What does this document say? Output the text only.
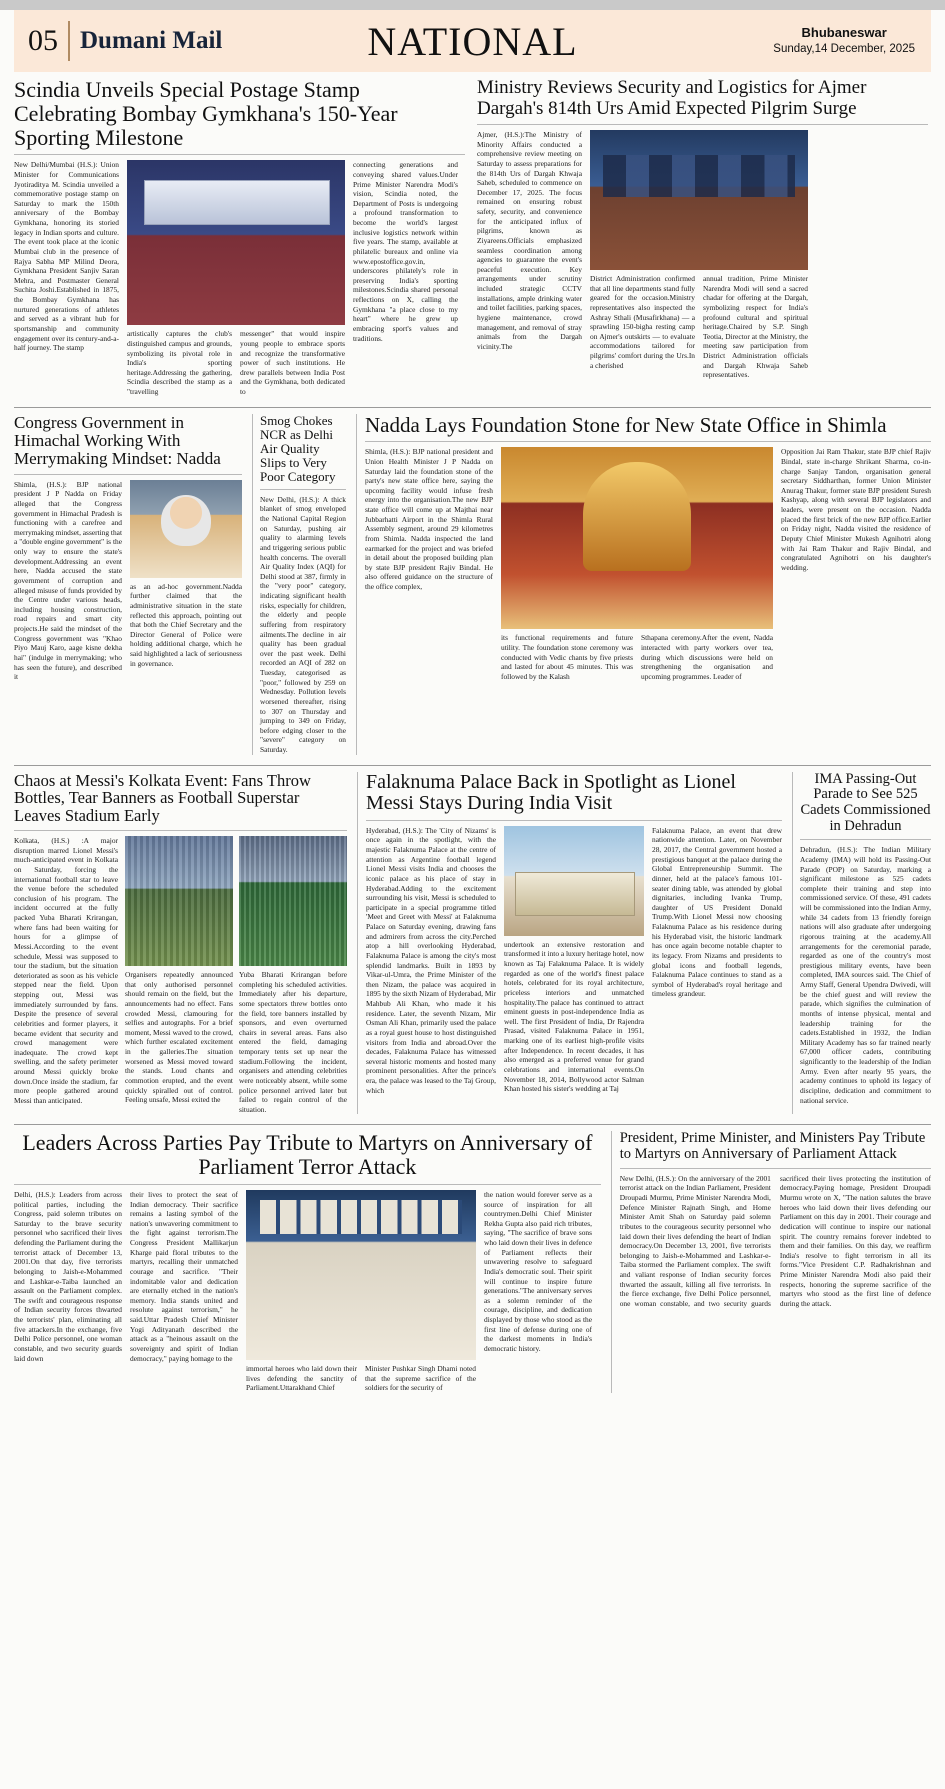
05 Dumani Mail	NATIONAL	Bhubaneswar
Sunday,14 December, 2025
Scindia Unveils Special Postage Stamp Celebrating Bombay Gymkhana's 150-Year Sporting Milestone
New Delhi/Mumbai (H.S.): Union Minister for Communications Jyotiraditya M. Scindia unveiled a commemorative postage stamp on Saturday to mark the 150th anniversary of the Bombay Gymkhana, honoring its storied legacy in Indian sports and culture. The event took place at the iconic Mumbai club in the presence of Rajya Sabha MP Milind Deora, Gymkhana President Sanjiv Saran Mehra, and Postmaster General Suchita Joshi.Established in 1875, the Bombay Gymkhana has nurtured generations of athletes and served as a vibrant hub for sportsmanship and community engagement over its century-and-a-half journey. The stamp
artistically captures the club's distinguished campus and grounds, symbolizing its pivotal role in India's sporting heritage.Addressing the gathering, Scindia described the stamp as a "travelling
messenger" that would inspire young people to embrace sports and recognize the transformative power of such institutions. He drew parallels between India Post and the Gymkhana, both dedicated to
connecting generations and conveying shared values.Under Prime Minister Narendra Modi's vision, Scindia noted, the Department of Posts is undergoing a profound transformation to become the world's largest inclusive logistics network within five years. The stamp, available at philatelic bureaux and online via www.epostoffice.gov.in, underscores philately's role in preserving India's sporting milestones.Scindia shared personal reflections on X, calling the Gymkhana "a place close to my heart" where he grew up embracing sport's values and traditions.
Ministry Reviews Security and Logistics for Ajmer Dargah's 814th Urs Amid Expected Pilgrim Surge
Ajmer, (H.S.):The Ministry of Minority Affairs conducted a comprehensive review meeting on Saturday to assess preparations for the 814th Urs of Dargah Khwaja Saheb, scheduled to commence on December 17, 2025. The focus remained on ensuring robust safety, security, and convenience for the anticipated influx of pilgrims, known as Ziyareens.Officials emphasized seamless coordination among agencies to guarantee the event's peaceful execution. Key arrangements under scrutiny included strategic CCTV installations, ample drinking water and toilet facilities, parking spaces, hygiene maintenance, crowd management, and removal of stray animals from the Dargah vicinity.The
District Administration confirmed that all line departments stand fully geared for the occasion.Ministry representatives also inspected the Ashray Sthali (Musafirkhana) — a sprawling 150-bigha resting camp on Ajmer's outskirts — to evaluate accommodations tailored for pilgrims' comfort during the Urs.In a cherished
annual tradition, Prime Minister Narendra Modi will send a sacred chadar for offering at the Dargah, symbolizing respect for India's profound cultural and spiritual heritage.Chaired by S.P. Singh Teotia, Director at the Ministry, the meeting saw participation from District Administration officials and Dargah Khwaja Saheb representatives.
Congress Government in Himachal Working With Merrymaking Mindset: Nadda
Shimla, (H.S.): BJP national president J P Nadda on Friday alleged that the Congress government in Himachal Pradesh is functioning with a carefree and merrymaking mindset, asserting that a "double engine government" is the only way to ensure the state's development.Addressing an event here, Nadda accused the state government of corruption and alleged misuse of funds provided by the Centre under various heads, including housing construction, road repairs and smart city projects.He said the mindset of the Congress government was "Khao Piyo Mauj Karo, aage kisne dekha hai" (indulge in merrymaking; who has seen the future), and described it
as an ad-hoc government.Nadda further claimed that the administrative situation in the state reflected this approach, pointing out that both the Chief Secretary and the Director General of Police were holding additional charge, which he said highlighted a lack of seriousness in governance.
Smog Chokes NCR as Delhi Air Quality Slips to Very Poor Category
New Delhi, (H.S.): A thick blanket of smog enveloped the National Capital Region on Saturday, pushing air quality to alarming levels and triggering serious public health concerns. The overall Air Quality Index (AQI) for Delhi stood at 387, firmly in the "very poor" category, indicating significant health risks, especially for children, the elderly and people suffering from respiratory ailments.The decline in air quality has been gradual over the past week. Delhi recorded an AQI of 282 on Tuesday, categorised as "poor," followed by 259 on Wednesday. Pollution levels worsened thereafter, rising to 307 on Thursday and jumping to 349 on Friday, before edging closer to the "severe" category on Saturday.
Nadda Lays Foundation Stone for New State Office in Shimla
Shimla, (H.S.): BJP national president and Union Health Minister J P Nadda on Saturday laid the foundation stone of the party's new state office here, saying the upcoming facility would infuse fresh energy into the organisation.The new BJP state office will come up at Majthai near Jubbarhatti Airport in the Shimla Rural Assembly segment, around 29 kilometres from Shimla. Nadda inspected the land earmarked for the project and was briefed in detail about the proposed building plan by state BJP president Rajiv Bindal. He also offered guidance on the structure of the office complex,
its functional requirements and future utility. The foundation stone ceremony was conducted with Vedic chants by five priests and lasted for about 45 minutes. This was followed by the Kalash
Sthapana ceremony.After the event, Nadda interacted with party workers over tea, during which discussions were held on strengthening the organisation and upcoming programmes. Leader of
Opposition Jai Ram Thakur, state BJP chief Rajiv Bindal, state in-charge Shrikant Sharma, co-in-charge Sanjay Tandon, organisation general secretary Siddharthan, former Union Minister Anurag Thakur, former state BJP president Suresh Kashyap, along with several BJP legislators and leaders, were present on the occasion. Nadda placed the first brick of the new BJP office.Earlier on Friday night, Nadda visited the residence of Deputy Chief Minister Mukesh Agnihotri along with Jai Ram Thakur and Rajiv Bindal, and congratulated Agnihotri on his daughter's wedding.
Chaos at Messi's Kolkata Event: Fans Throw Bottles, Tear Banners as Football Superstar Leaves Stadium Early
Kolkata, (H.S.) :A major disruption marred Lionel Messi's much-anticipated event in Kolkata on Saturday, forcing the international football star to leave the venue before the scheduled conclusion of his program. The incident occurred at the fully packed Yuba Bharati Krirangan, where fans had been waiting for hours for a glimpse of Messi.According to the event schedule, Messi was supposed to tour the stadium, but the situation deteriorated as soon as his vehicle stepped near the field. Upon stepping out, Messi was immediately surrounded by fans. Despite the presence of several celebrities and former players, it became evident that security and crowd management were inadequate. The crowd kept swelling, and the safety perimeter around Messi quickly broke down.Once inside the stadium, far more people gathered around Messi than anticipated.
Organisers repeatedly announced that only authorised personnel should remain on the field, but the announcements had no effect. Fans crowded Messi, clamouring for selfies and autographs. For a brief moment, Messi waved to the crowd, which further escalated excitement in the galleries.The situation worsened as Messi moved toward the stands. Loud chants and commotion erupted, and the event quickly spiralled out of control. Feeling unsafe, Messi exited the
Yuba Bharati Krirangan before completing his scheduled activities. Immediately after his departure, some spectators threw bottles onto the field, tore banners installed by sponsors, and even overturned chairs in several areas. Fans also entered the field, damaging temporary tents set up near the stadium.Following the incident, organisers and attending celebrities were noticeably absent, while some police personnel arrived later but failed to regain control of the situation.
Falaknuma Palace Back in Spotlight as Lionel Messi Stays During India Visit
Hyderabad, (H.S.): The 'City of Nizams' is once again in the spotlight, with the majestic Falaknuma Palace at the centre of attention as Argentine football legend Lionel Messi visits India and chooses the iconic palace as his place of stay in Hyderabad.Adding to the excitement surrounding his visit, Messi is scheduled to participate in a special programme titled 'Meet and Greet with Messi' at Falaknuma Palace on Saturday evening, drawing fans and admirers from across the city.Perched atop a hill overlooking Hyderabad, Falaknuma Palace is among the city's most splendid landmarks. Built in 1893 by Vikar-ul-Umra, the Prime Minister of the then Nizam, the palace was acquired in 1895 by the sixth Nizam of Hyderabad, Mir Mahbub Ali Khan, who made it his residence. Later, the seventh Nizam, Mir Osman Ali Khan, primarily used the palace as a royal guest house to host distinguished visitors from India and abroad.Over the decades, Falaknuma Palace has witnessed several historic moments and hosted many prominent personalities. After the prince's era, the palace was leased to the Taj Group, which
undertook an extensive restoration and transformed it into a luxury heritage hotel, now known as Taj Falaknuma Palace. It is widely regarded as one of the world's finest palace hotels, celebrated for its royal architecture, priceless interiors and unmatched hospitality.The palace has continued to attract eminent guests in post-independence India as well. The first President of India, Dr Rajendra Prasad, visited Falaknuma Palace in 1951, marking one of its earliest high-profile visits after Independence. In recent decades, it has also emerged as a preferred venue for grand celebrations and international events.On November 18, 2014, Bollywood actor Salman Khan hosted his sister's wedding at Taj
Falaknuma Palace, an event that drew nationwide attention. Later, on November 28, 2017, the Central government hosted a prestigious banquet at the palace during the Global Entrepreneurship Summit. The dinner, held at the palace's famous 101-seater dining table, was attended by global dignitaries, including Ivanka Trump, daughter of US President Donald Trump.With Lionel Messi now choosing Falaknuma Palace as his residence during his Hyderabad visit, the historic landmark has once again become notable chapter to its legacy. From Nizams and presidents to global icons and football legends, Falaknuma Palace continues to stand as a symbol of Hyderabad's royal heritage and timeless grandeur.
IMA Passing-Out Parade to See 525 Cadets Commissioned in Dehradun
Dehradun, (H.S.): The Indian Military Academy (IMA) will hold its Passing-Out Parade (POP) on Saturday, marking a significant milestone as 525 cadets complete their training and step into commissioned service. Of these, 491 cadets will be commissioned into the Indian Army, while 34 cadets from 13 friendly foreign nations will also graduate after undergoing rigorous training at the academy.All arrangements for the ceremonial parade, regarded as one of the country's most prestigious military events, have been completed, IMA sources said. The Chief of Army Staff, General Upendra Dwivedi, will be the chief guest and will review the parade, which signifies the culmination of months of intense physical, mental and leadership training for the cadets.Established in 1932, the Indian Military Academy has so far trained nearly 67,000 officer cadets, contributing significantly to the leadership of the Indian Army. Even after nearly 95 years, the academy continues to uphold its legacy of discipline, dedication and commitment to national service.
Leaders Across Parties Pay Tribute to Martyrs on Anniversary of Parliament Terror Attack
Delhi, (H.S.): Leaders from across political parties, including the Congress, paid solemn tributes on Saturday to the brave security personnel who sacrificed their lives defending the Parliament during the terrorist attack of December 13, 2001.On that day, five terrorists belonging to Jaish-e-Mohammed and Lashkar-e-Taiba launched an assault on the Parliament complex. The swift and courageous response of Indian security forces thwarted the terrorists' plan, eliminating all five attackers.In the exchange, five Delhi Police personnel, one woman constable, and two security guards laid down
their lives to protect the seat of Indian democracy. Their sacrifice remains a lasting symbol of the nation's unwavering commitment to the fight against terrorism.The Congress President Mallikarjun Kharge paid floral tributes to the martyrs, recalling their unmatched courage and sacrifice. "Their indomitable valor and dedication are eternally etched in the nation's memory. India stands united and resolute against terrorism," he said.Uttar Pradesh Chief Minister Yogi Adityanath described the attack as a "heinous assault on the sovereignty and spirit of Indian democracy," paying homage to the
immortal heroes who laid down their lives defending the sanctity of Parliament.Uttarakhand Chief
Minister Pushkar Singh Dhami noted that the supreme sacrifice of the soldiers for the security of
the nation would forever serve as a source of inspiration for all countrymen.Delhi Chief Minister Rekha Gupta also paid rich tributes, saying, "The sacrifice of brave sons who laid down their lives in defence of Parliament reflects their unwavering resolve to safeguard India's democratic soul. Their spirit will continue to inspire future generations."The anniversary serves as a solemn reminder of the courage, discipline, and dedication displayed by those who stood as the first line of defense during one of the darkest moments in India's democratic history.
President, Prime Minister, and Ministers Pay Tribute to Martyrs on Anniversary of Parliament Attack
New Delhi, (H.S.): On the anniversary of the 2001 terrorist attack on the Indian Parliament, President Droupadi Murmu, Prime Minister Narendra Modi, Defence Minister Rajnath Singh, and Home Minister Amit Shah on Saturday paid solemn tributes to the courageous security personnel who laid down their lives defending the heart of Indian democracy.On December 13, 2001, five terrorists belonging to Jaish-e-Mohammed and Lashkar-e-Taiba stormed the Parliament complex. The swift and valiant response of Indian security forces thwarted the assault, killing all five terrorists. In the fierce exchange, five Delhi Police personnel, one woman constable, and two security guards sacrificed their lives protecting the institution of democracy.Paying homage, President Droupadi Murmu wrote on X, "The nation salutes the brave heroes who laid down their lives defending our Parliament on this day in 2001. Their courage and dedication will continue to inspire our national spirit. The country remains forever indebted to them and their families. On this day, we reaffirm India's resolve to fight terrorism in all its forms."Vice President C.P. Radhakrishnan and Prime Minister Narendra Modi also paid their respects, honoring the supreme sacrifice of the martyrs who stood as the first line of defence during the attack.
